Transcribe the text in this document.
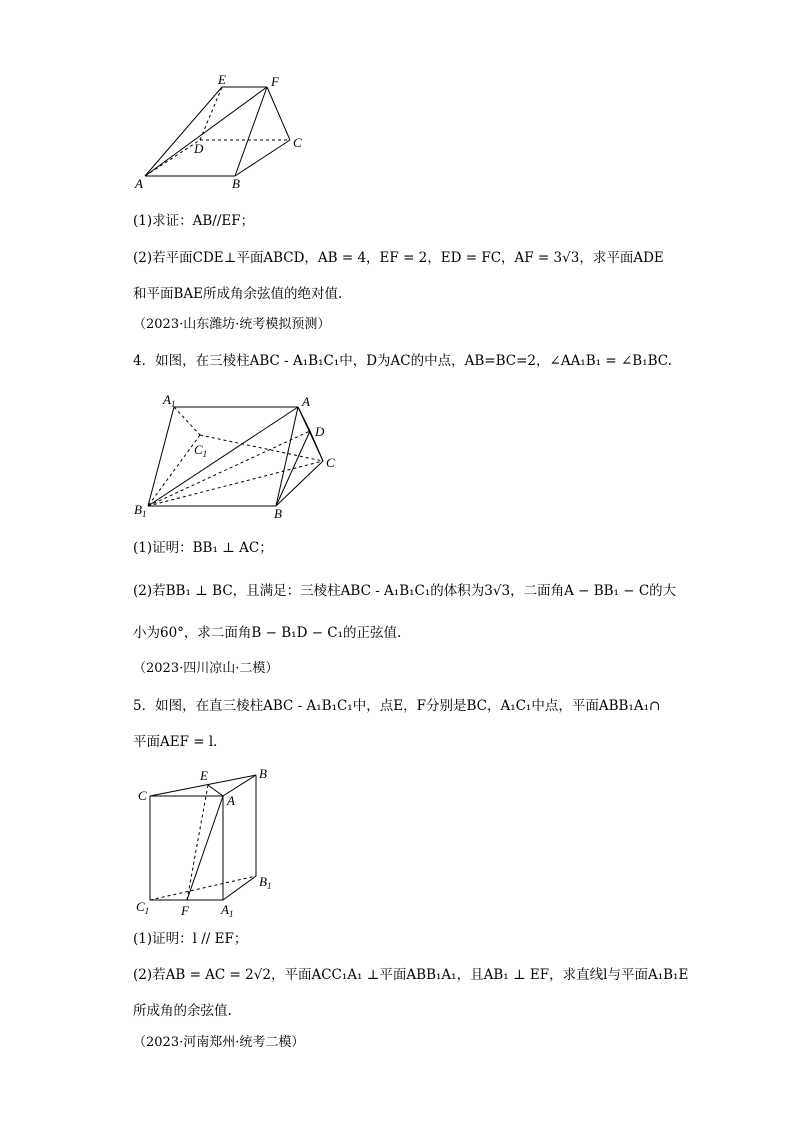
E	F
D	C
A	B
(1)求证：AB//EF；
(2)若平面CDE⊥平面ABCD，AB = 4，EF = 2，ED = FC，AF = 3√3，求平面ADE
和平面BAE所成角余弦值的绝对值.
（2023·山东潍坊·统考模拟预测）
4．如图，在三棱柱ABC - A₁B₁C₁中，D为AC的中点，AB=BC=2，∠AA₁B₁ = ∠B₁BC.
$A_1$	A
D
$C_1$
C
$B_1$	B
(1)证明：BB₁ ⊥ AC；
(2)若BB₁ ⊥ BC，且满足：三棱柱ABC - A₁B₁C₁的体积为3√3，二面角A − BB₁ − C的大
小为60°，求二面角B − B₁D − C₁的正弦值.
（2023·四川凉山·二模）
5．如图，在直三棱柱ABC - A₁B₁C₁中，点E，F分别是BC，A₁C₁中点，平面ABB₁A₁∩
平面AEF = l．
E	B
C	A
$B_1$
$C_1$ F $A_1$
(1)证明：l // EF；
(2)若AB = AC = 2√2，平面ACC₁A₁ ⊥平面ABB₁A₁，且AB₁ ⊥ EF，求直线l与平面A₁B₁E
所成角的余弦值.
（2023·河南郑州·统考二模）
